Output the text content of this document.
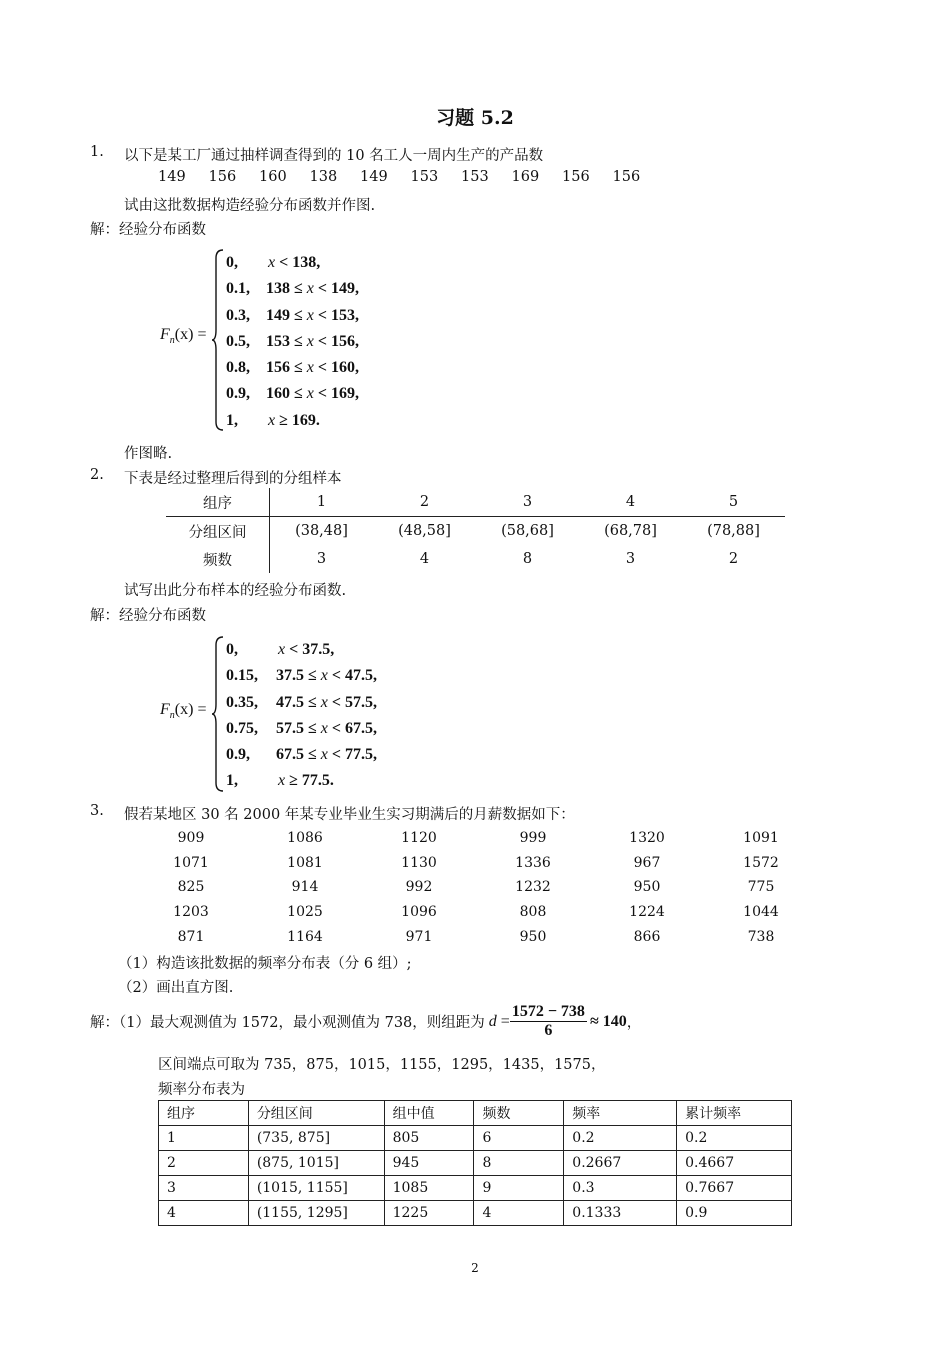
习题 5.2
1.	以下是某工厂通过抽样调查得到的 10 名工人一周内生产的产品数
149 156 160 138 149 153 153 169 156 156
试由这批数据构造经验分布函数并作图.
解：经验分布函数
$F_n(x)$ =
0,	x < 138,
0.1,	138 ≤ x < 149,
0.3,	149 ≤ x < 153,
0.5,	153 ≤ x < 156,
0.8,	156 ≤ x < 160,
0.9,	160 ≤ x < 169,
1,	x ≥ 169.
作图略.
2.	下表是经过整理后得到的分组样本
组序	1	2	3	4	5
分组区间	(38,48]	(48,58]	(58,68]	(68,78]	(78,88]
频数	3	4	8	3	2
试写出此分布样本的经验分布函数.
解：经验分布函数
$F_n(x)$ =
0,	x < 37.5,
0.15,	37.5 ≤ x < 47.5,
0.35,	47.5 ≤ x < 57.5,
0.75,	57.5 ≤ x < 67.5,
0.9,	67.5 ≤ x < 77.5,
1,	x ≥ 77.5.
3.	假若某地区 30 名 2000 年某专业毕业生实习期满后的月薪数据如下：
909	1086	1120	999	1320	1091
1071	1081	1130	1336	967	1572
825	914	992	1232	950	775
1203	1025	1096	808	1224	1044
871	1164	971	950	866	738
（1）构造该批数据的频率分布表（分 6 组）;
（2）画出直方图.
解：（1）最大观测值为 1572，最小观测值为 738，则组距为 $d = \frac{1572 - 738}{6} \approx 140$ ，
区间端点可取为 735，875，1015，1155，1295，1435，1575，
频率分布表为
组序	分组区间	组中值	频数	频率	累计频率
1	(735, 875]	805	6	0.2	0.2
2	(875, 1015]	945	8	0.2667	0.4667
3	(1015, 1155]	1085	9	0.3	0.7667
4	(1155, 1295]	1225	4	0.1333	0.9
2
